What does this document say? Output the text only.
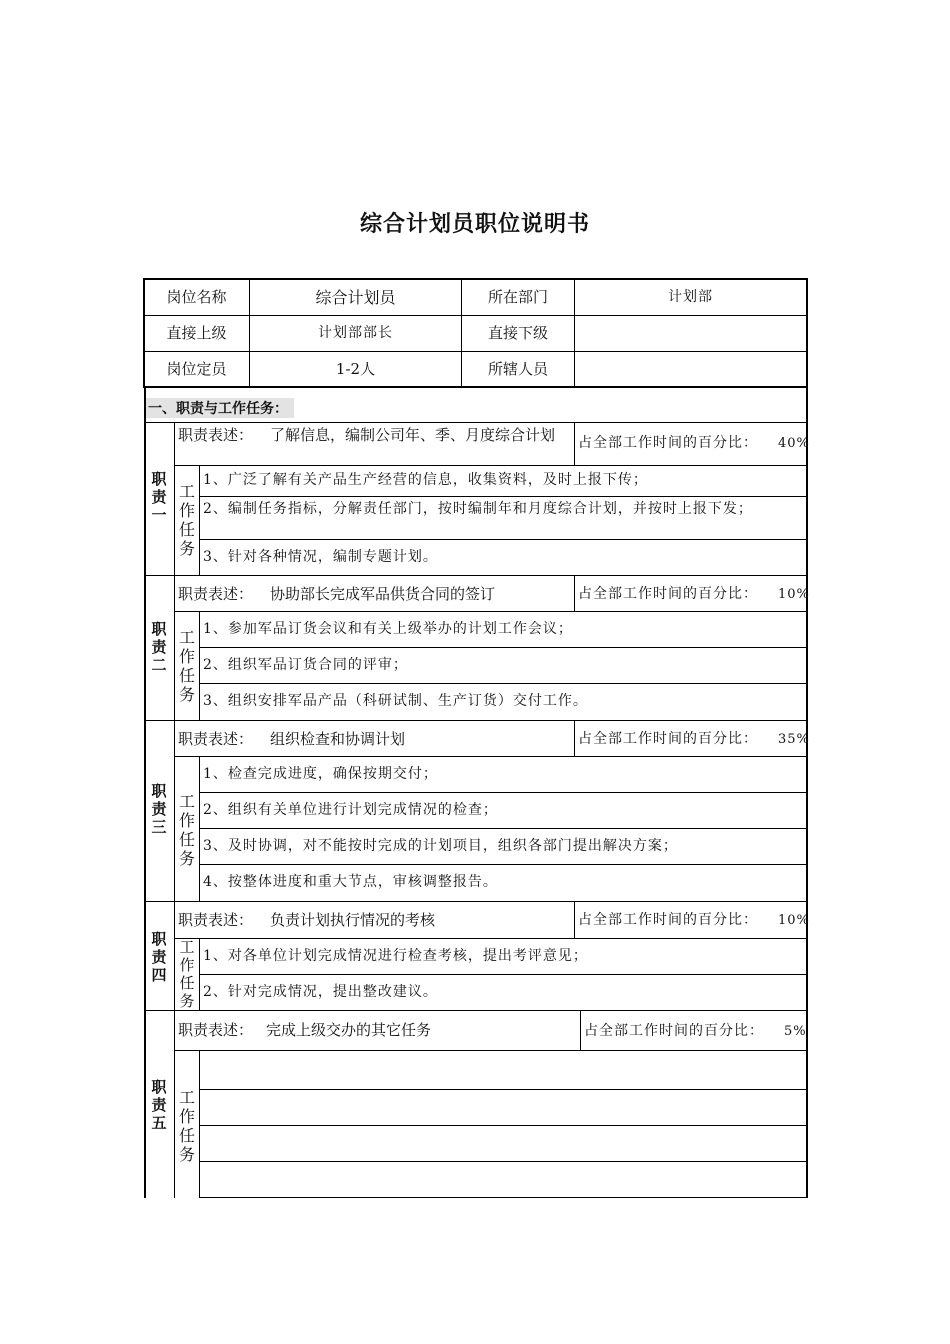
综合计划员职位说明书
岗位名称	综合计划员	所在部门	计划部
直接上级	计划部部长	直接下级
岗位定员	1-2人	所辖人员
一、职责与工作任务：
职责一
职责表述：	了解信息，编制公司年、季、月度综合计划	占全部工作时间的百分比： 40%
工作任务
1、广泛了解有关产品生产经营的信息，收集资料，及时上报下传；
2、编制任务指标，分解责任部门，按时编制年和月度综合计划，并按时上报下发；
3、针对各种情况，编制专题计划。
职责二
职责表述： 协助部长完成军品供货合同的签订	占全部工作时间的百分比： 10%
工作任务
1、参加军品订货会议和有关上级举办的计划工作会议；
2、组织军品订货合同的评审；
3、组织安排军品产品（科研试制、生产订货）交付工作。
职责三
职责表述： 组织检查和协调计划	占全部工作时间的百分比： 35%
工作任务
1、检查完成进度，确保按期交付；
2、组织有关单位进行计划完成情况的检查；
3、及时协调，对不能按时完成的计划项目，组织各部门提出解决方案；
4、按整体进度和重大节点，审核调整报告。
职责四
职责表述： 负责计划执行情况的考核	占全部工作时间的百分比： 10%
工作任务
1、对各单位计划完成情况进行检查考核，提出考评意见；
2、针对完成情况，提出整改建议。
职责五
职责表述： 完成上级交办的其它任务	占全部工作时间的百分比： 5%
工作任务
